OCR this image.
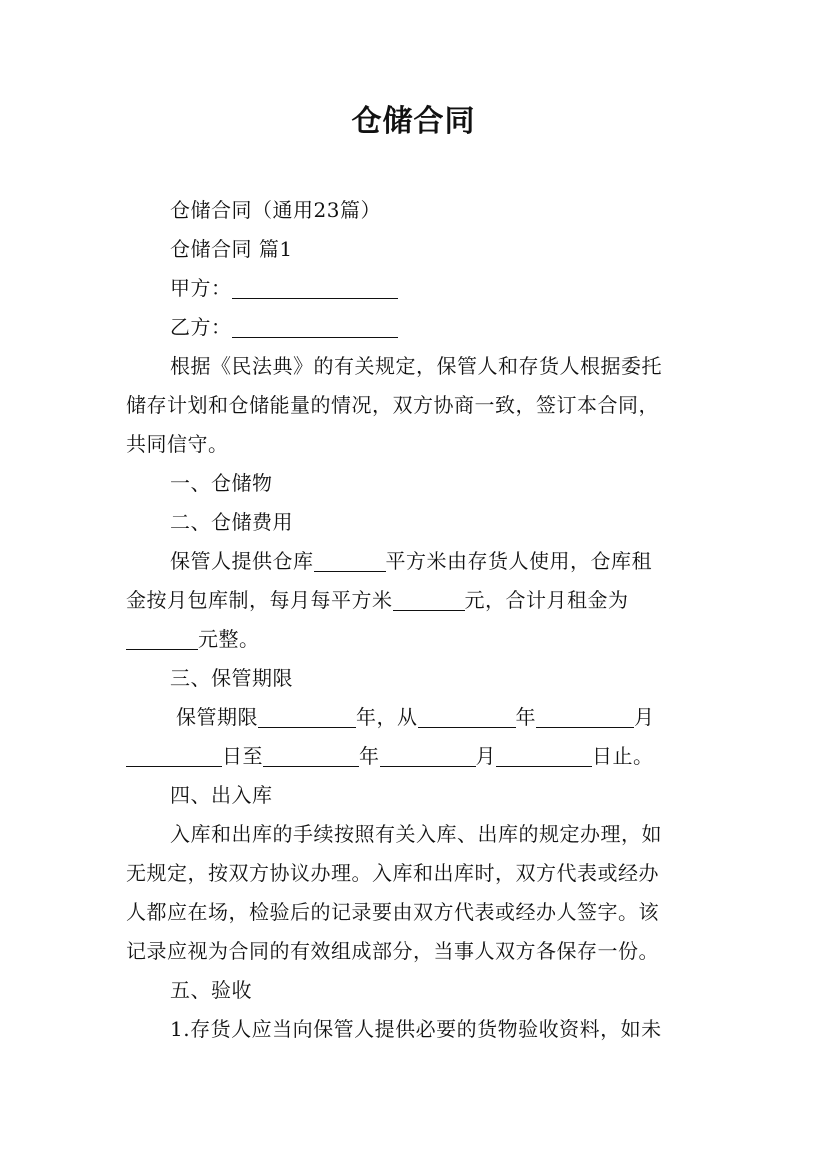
仓储合同
仓储合同（通用23篇）
仓储合同 篇1
甲方：
乙方：
根据《民法典》的有关规定，保管人和存货人根据委托
储存计划和仓储能量的情况，双方协商一致，签订本合同，
共同信守。
一、仓储物
二、仓储费用
保管人提供仓库	平方米由存货人使用，仓库租
金按月包库制，每月每平方米	元，合计月租金为
元整。
三、保管期限
保管期限	年，从	年	月
日至	年	月	日止。
四、出入库
入库和出库的手续按照有关入库、出库的规定办理，如
无规定，按双方协议办理。入库和出库时，双方代表或经办
人都应在场，检验后的记录要由双方代表或经办人签字。该
记录应视为合同的有效组成部分，当事人双方各保存一份。
五、验收
1.存货人应当向保管人提供必要的货物验收资料，如未
